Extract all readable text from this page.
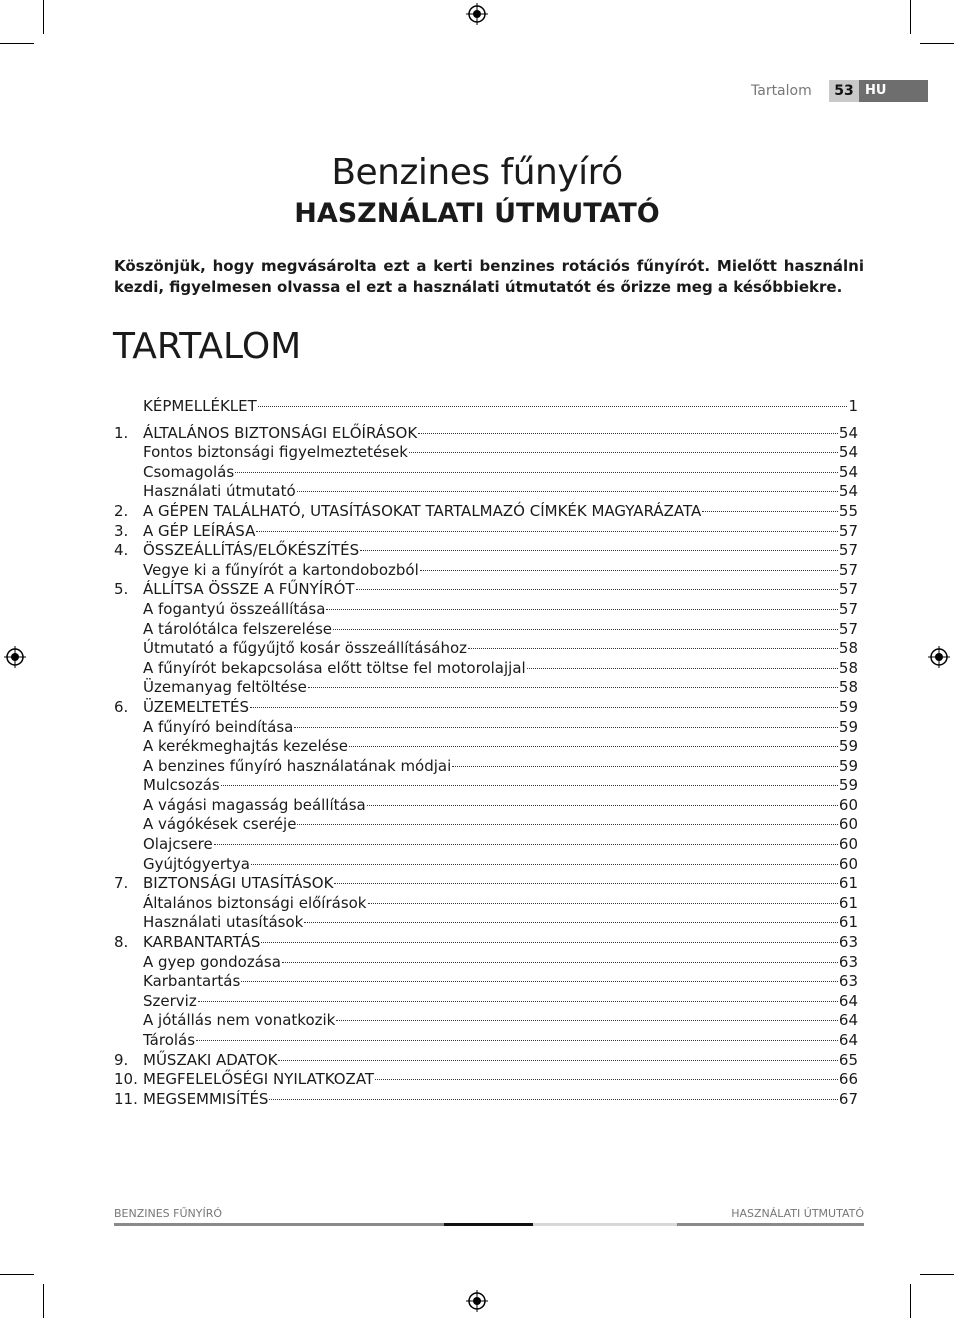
Tartalom	53 HU
Benzines fűnyíró
HASZNÁLATI ÚTMUTATÓ
Köszönjük, hogy megvásárolta ezt a kerti benzines rotációs fűnyírót. Mielőtt használni kezdi, figyelmesen olvassa el ezt a használati útmutatót és őrizze meg a későbbiekre.
TARTALOM
KÉPMELLÉKLET	1
1. ÁLTALÁNOS BIZTONSÁGI ELŐÍRÁSOK	54
Fontos biztonsági figyelmeztetések	54
Csomagolás	54
Használati útmutató	54
2. A GÉPEN TALÁLHATÓ, UTASÍTÁSOKAT TARTALMAZÓ CÍMKÉK MAGYARÁZATA	55
3. A GÉP LEÍRÁSA	57
4. ÖSSZEÁLLÍTÁS/ELŐKÉSZÍTÉS	57
Vegye ki a fűnyírót a kartondobozból	57
5. ÁLLÍTSA ÖSSZE A FŰNYÍRÓT	57
A fogantyú összeállítása	57
A tárolótálca felszerelése	57
Útmutató a fűgyűjtő kosár összeállításához	58
A fűnyírót bekapcsolása előtt töltse fel motorolajjal	58
Üzemanyag feltöltése	58
6. ÜZEMELTETÉS	59
A fűnyíró beindítása	59
A kerékmeghajtás kezelése	59
A benzines fűnyíró használatának módjai	59
Mulcsozás	59
A vágási magasság beállítása	60
A vágókések cseréje	60
Olajcsere	60
Gyújtógyertya	60
7. BIZTONSÁGI UTASÍTÁSOK	61
Általános biztonsági előírások	61
Használati utasítások	61
8. KARBANTARTÁS	63
A gyep gondozása	63
Karbantartás	63
Szerviz	64
A jótállás nem vonatkozik	64
Tárolás	64
9. MŰSZAKI ADATOK	65
10. MEGFELELŐSÉGI NYILATKOZAT	66
11. MEGSEMMISÍTÉS	67
BENZINES FŰNYÍRÓ	HASZNÁLATI ÚTMUTATÓ
